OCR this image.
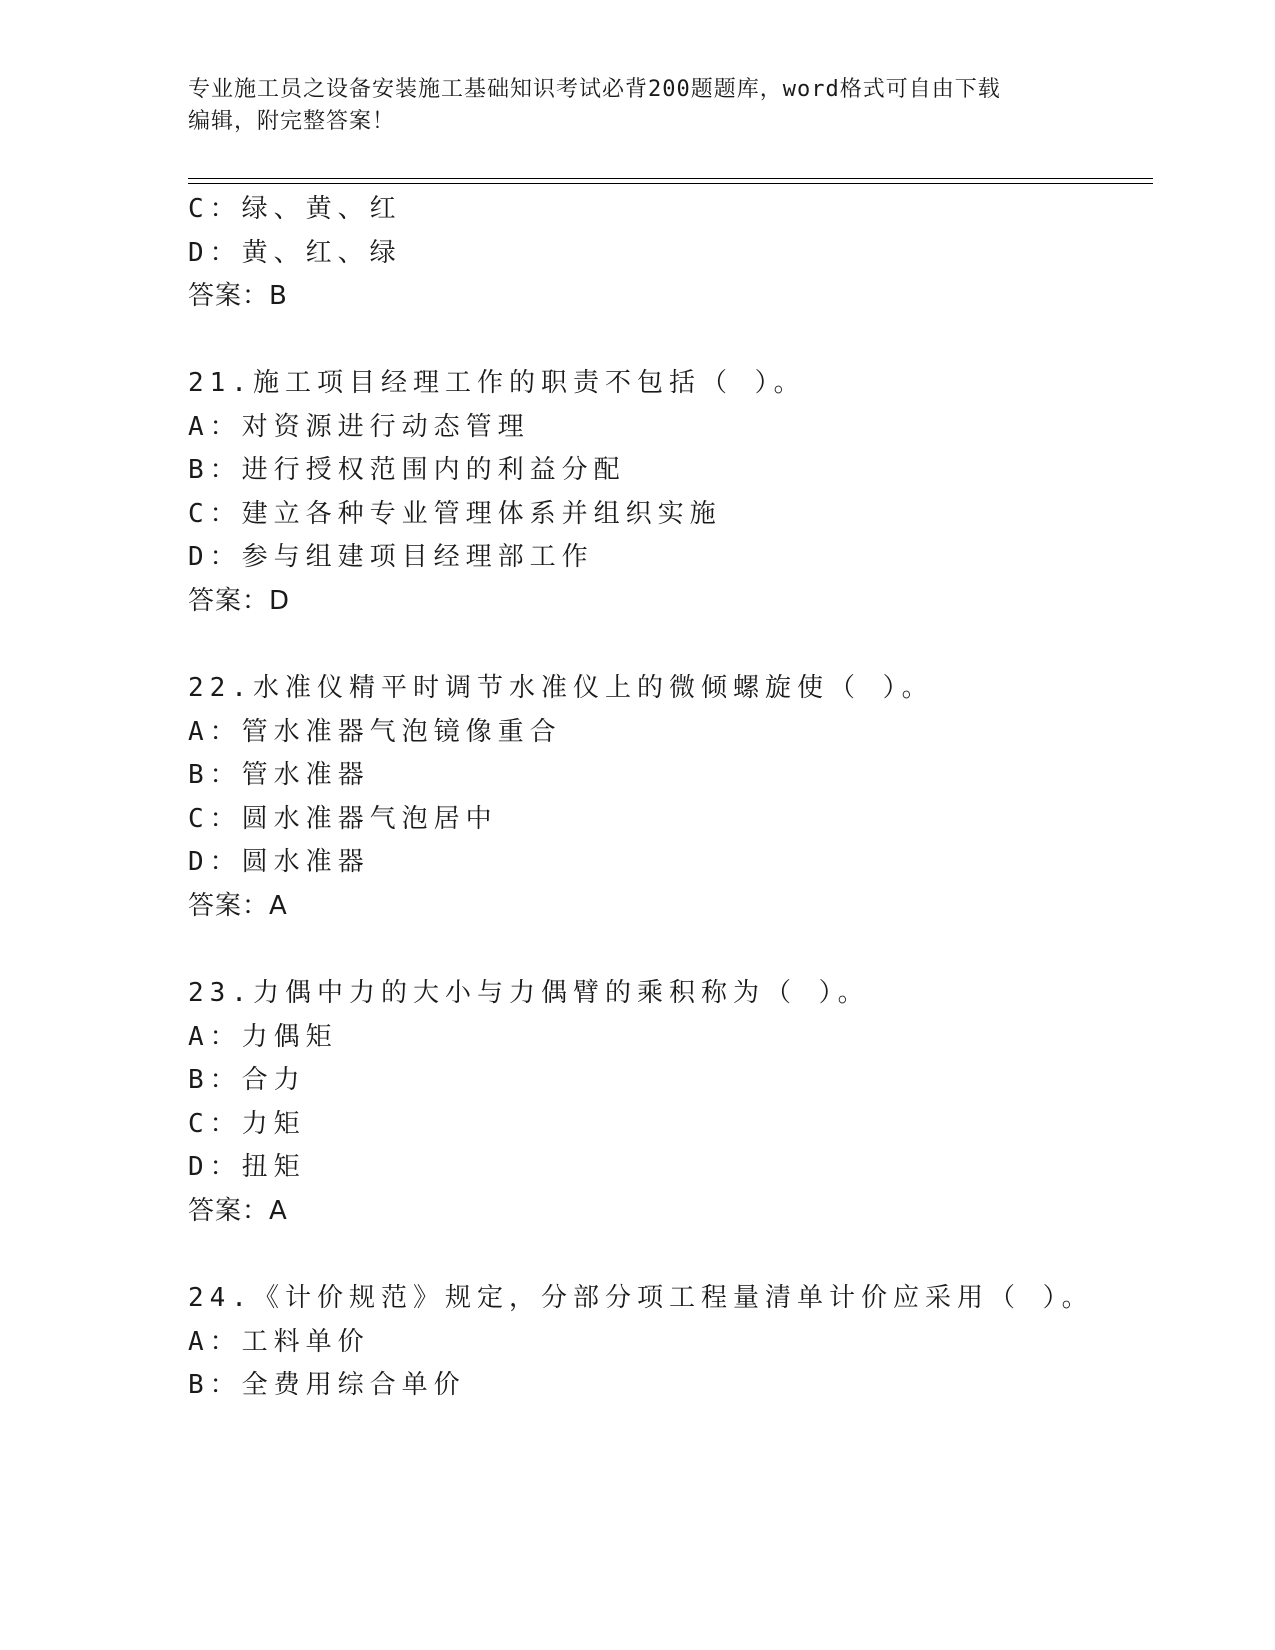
专业施工员之设备安装施工基础知识考试必背200题题库，word格式可自由下载
编辑，附完整答案！
C：绿、黄、红
D：黄、红、绿
答案：B
21.施工项目经理工作的职责不包括（ ）。
A：对资源进行动态管理
B：进行授权范围内的利益分配
C：建立各种专业管理体系并组织实施
D：参与组建项目经理部工作
答案：D
22.水准仪精平时调节水准仪上的微倾螺旋使（ ）。
A：管水准器气泡镜像重合
B：管水准器
C：圆水准器气泡居中
D：圆水准器
答案：A
23.力偶中力的大小与力偶臂的乘积称为（ ）。
A：力偶矩
B：合力
C：力矩
D：扭矩
答案：A
24.《计价规范》规定，分部分项工程量清单计价应采用（ ）。
A：工料单价
B：全费用综合单价
